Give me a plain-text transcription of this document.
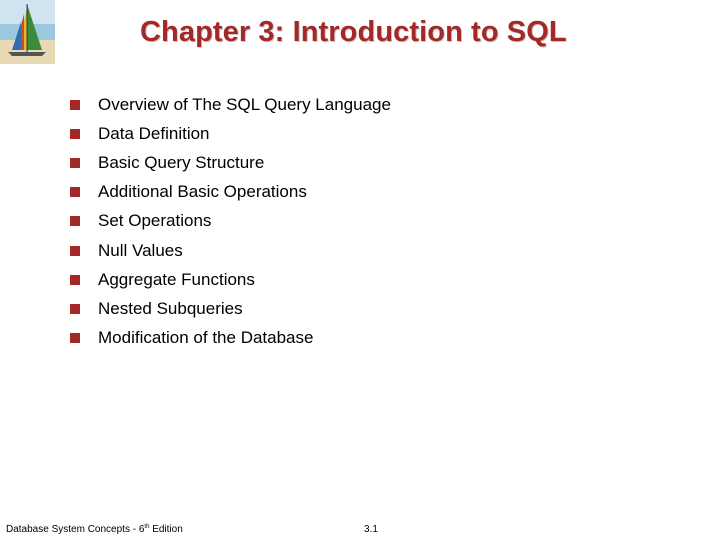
Chapter 3: Introduction to SQL
Overview of The SQL Query Language
Data Definition
Basic Query Structure
Additional Basic Operations
Set Operations
Null Values
Aggregate Functions
Nested Subqueries
Modification of the Database
Database System Concepts - 6th Edition	3.1
